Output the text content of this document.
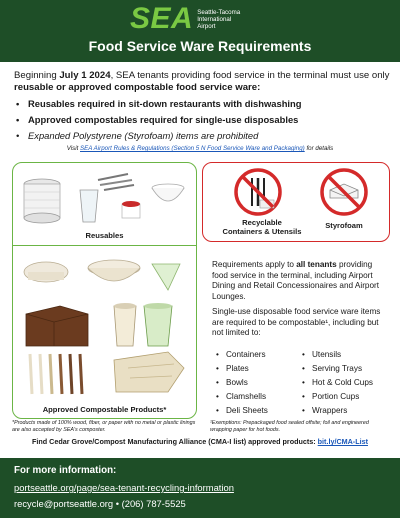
SEA Seattle-Tacoma
International
Airport
Food Service Ware Requirements
Beginning July 1 2024, SEA tenants providing food service in the terminal must use only reusable or approved compostable food service ware:
• Reusables required in sit-down restaurants with dishwashing
• Approved compostables required for single-use disposables
• Expanded Polystyrene (Styrofoam) items are prohibited
Visit SEA Airport Rules & Regulations (Section 5 N Food Service Ware and Packaging) for details
Reusables
Approved Compostable Products*
Recyclable
Containers & Utensils
Styrofoam
Requirements apply to all tenants providing food service in the terminal, including Airport Dining and Retail Concessionaires and Airport Lounges.
Single-use disposable food service ware items are required to be compostable¹, including but not limited to:
• Containers	• Utensils
• Plates	• Serving Trays
• Bowls	• Hot & Cold Cups
• Clamshells	• Portion Cups
• Deli Sheets	• Wrappers
*Products made of 100% wood, fiber, or paper with no metal or plastic linings are also accepted by SEA's composter.
¹Exemptions: Prepackaged food sealed offsite; foil and engineered wrapping paper for hot foods.
Find Cedar Grove/Compost Manufacturing Alliance (CMA-I list) approved products: bit.ly/CMA-List
For more information:
portseattle.org/page/sea-tenant-recycling-information
recycle@portseattle.org • (206) 787-5525
